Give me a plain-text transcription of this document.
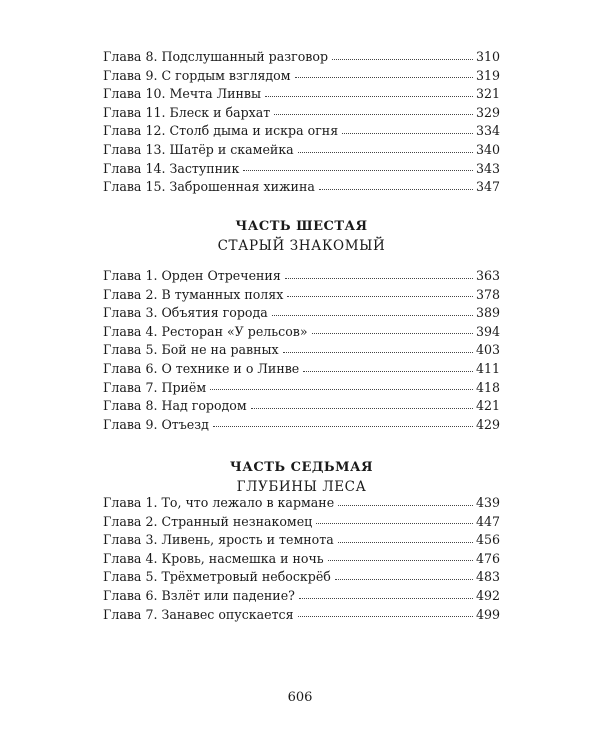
Глава 8. Подслушанный разговор	310
Глава 9. С гордым взглядом	319
Глава 10. Мечта Линвы	321
Глава 11. Блеск и бархат	329
Глава 12. Столб дыма и искра огня	334
Глава 13. Шатёр и скамейка	340
Глава 14. Заступник	343
Глава 15. Заброшенная хижина	347
ЧАСТЬ ШЕСТАЯ
СТАРЫЙ ЗНАКОМЫЙ
Глава 1. Орден Отречения	363
Глава 2. В туманных полях	378
Глава 3. Объятия города	389
Глава 4. Ресторан «У рельсов»	394
Глава 5. Бой не на равных	403
Глава 6. О технике и о Линве	411
Глава 7. Приём	418
Глава 8. Над городом	421
Глава 9. Отъезд	429
ЧАСТЬ СЕДЬМАЯ
ГЛУБИНЫ ЛЕСА
Глава 1. То, что лежало в кармане	439
Глава 2. Странный незнакомец	447
Глава 3. Ливень, ярость и темнота	456
Глава 4. Кровь, насмешка и ночь	476
Глава 5. Трёхметровый небоскрёб	483
Глава 6. Взлёт или падение?	492
Глава 7. Занавес опускается	499
606
